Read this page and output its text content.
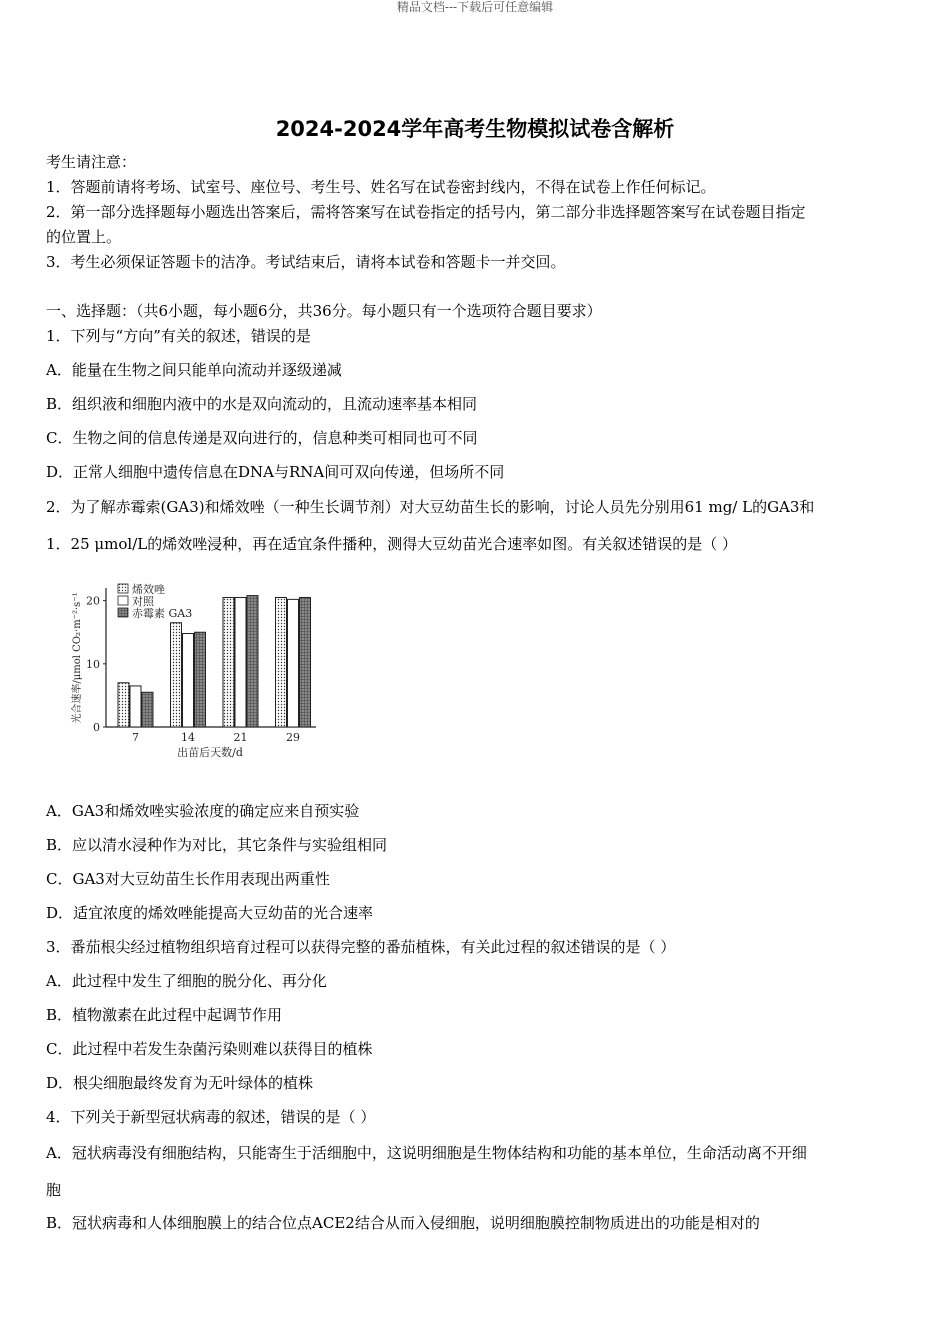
精品文档---下载后可任意编辑
2024-2024学年高考生物模拟试卷含解析
考生请注意：
1．答题前请将考场、试室号、座位号、考生号、姓名写在试卷密封线内，不得在试卷上作任何标记。
2．第一部分选择题每小题选出答案后，需将答案写在试卷指定的括号内，第二部分非选择题答案写在试卷题目指定
的位置上。
3．考生必须保证答题卡的洁净。考试结束后，请将本试卷和答题卡一并交回。
一、选择题：（共6小题，每小题6分，共36分。每小题只有一个选项符合题目要求）
1．下列与“方向”有关的叙述，错误的是
A．能量在生物之间只能单向流动并逐级递减
B．组织液和细胞内液中的水是双向流动的，且流动速率基本相同
C．生物之间的信息传递是双向进行的，信息种类可相同也可不同
D．正常人细胞中遗传信息在DNA与RNA间可双向传递，但场所不同
2．为了解赤霉索(GA3)和烯效唑（一种生长调节剂）对大豆幼苗生长的影响，讨论人员先分别用61 mg/ L的GA3和
1．25 μmol/L的烯效唑浸种，再在适宜条件播种，测得大豆幼苗光合速率如图。有关叙述错误的是（ ）
光合速率/μmol CO₂·m⁻²·s⁻¹
出苗后天数/d
0
10
20
7	14	21	29
烯效唑
对照
赤霉素 GA3
A．GA3和烯效唑实验浓度的确定应来自预实验
B．应以清水浸种作为对比，其它条件与实验组相同
C．GA3对大豆幼苗生长作用表现出两重性
D．适宜浓度的烯效唑能提高大豆幼苗的光合速率
3．番茄根尖经过植物组织培育过程可以获得完整的番茄植株，有关此过程的叙述错误的是（ ）
A．此过程中发生了细胞的脱分化、再分化
B．植物激素在此过程中起调节作用
C．此过程中若发生杂菌污染则难以获得目的植株
D．根尖细胞最终发育为无叶绿体的植株
4．下列关于新型冠状病毒的叙述，错误的是（ ）
A．冠状病毒没有细胞结构，只能寄生于活细胞中，这说明细胞是生物体结构和功能的基本单位，生命活动离不开细
胞
B．冠状病毒和人体细胞膜上的结合位点ACE2结合从而入侵细胞，说明细胞膜控制物质进出的功能是相对的
